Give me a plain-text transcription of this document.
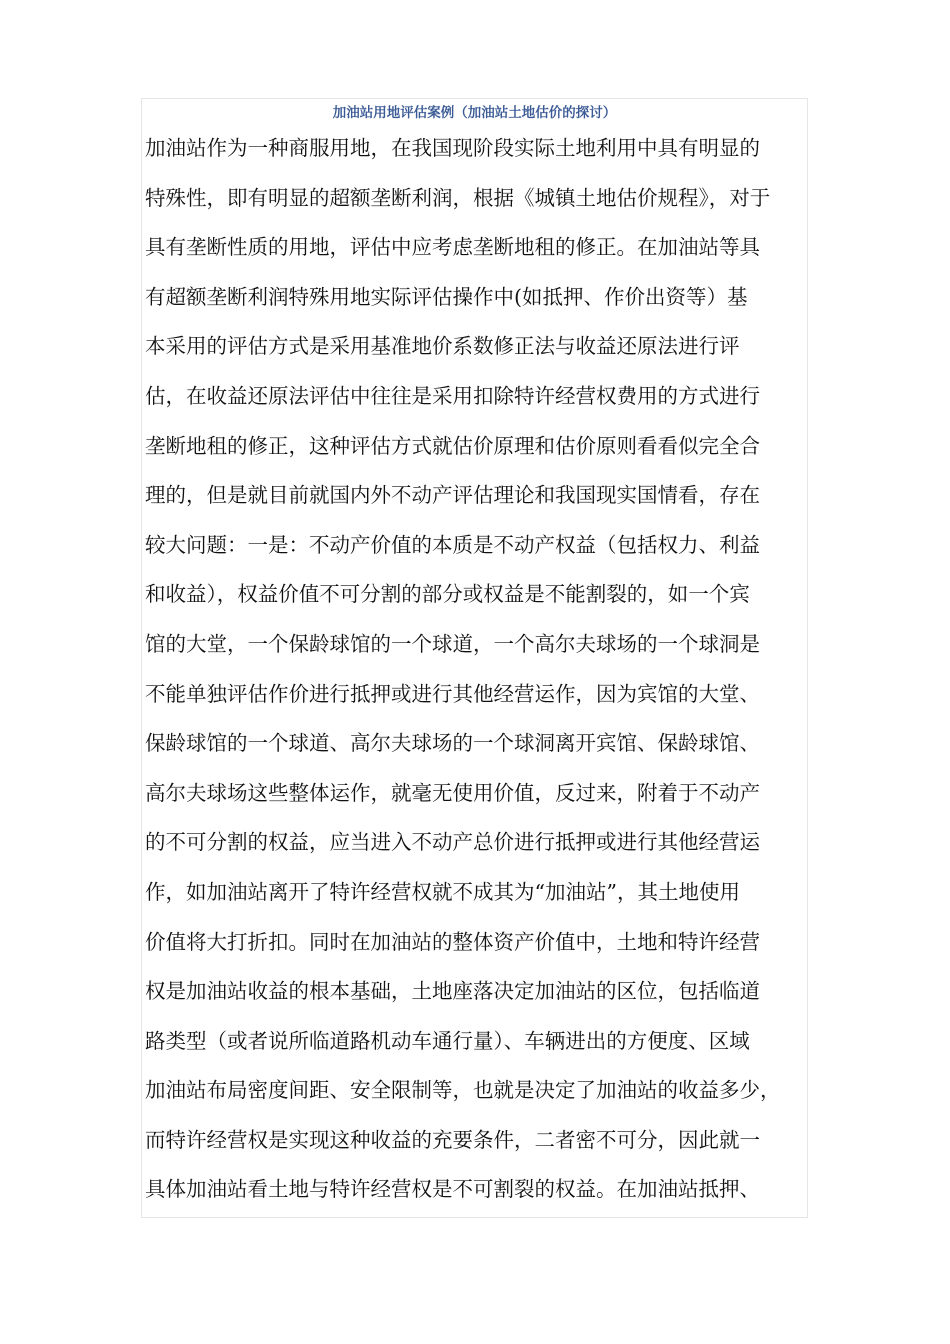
加油站用地评估案例（加油站土地估价的探讨）
加油站作为一种商服用地，在我国现阶段实际土地利用中具有明显的
特殊性，即有明显的超额垄断利润，根据《城镇土地估价规程》，对于
具有垄断性质的用地，评估中应考虑垄断地租的修正。在加油站等具
有超额垄断利润特殊用地实际评估操作中(如抵押、作价出资等）基
本采用的评估方式是采用基准地价系数修正法与收益还原法进行评
估，在收益还原法评估中往往是采用扣除特许经营权费用的方式进行
垄断地租的修正，这种评估方式就估价原理和估价原则看看似完全合
理的，但是就目前就国内外不动产评估理论和我国现实国情看，存在
较大问题：一是：不动产价值的本质是不动产权益（包括权力、利益
和收益），权益价值不可分割的部分或权益是不能割裂的，如一个宾
馆的大堂，一个保龄球馆的一个球道，一个高尔夫球场的一个球洞是
不能单独评估作价进行抵押或进行其他经营运作，因为宾馆的大堂、
保龄球馆的一个球道、高尔夫球场的一个球洞离开宾馆、保龄球馆、
高尔夫球场这些整体运作，就毫无使用价值，反过来，附着于不动产
的不可分割的权益，应当进入不动产总价进行抵押或进行其他经营运
作，如加油站离开了特许经营权就不成其为“加油站”，其土地使用
价值将大打折扣。同时在加油站的整体资产价值中，土地和特许经营
权是加油站收益的根本基础，土地座落决定加油站的区位，包括临道
路类型（或者说所临道路机动车通行量）、车辆进出的方便度、区域
加油站布局密度间距、安全限制等，也就是决定了加油站的收益多少，
而特许经营权是实现这种收益的充要条件，二者密不可分，因此就一
具体加油站看土地与特许经营权是不可割裂的权益。在加油站抵押、
